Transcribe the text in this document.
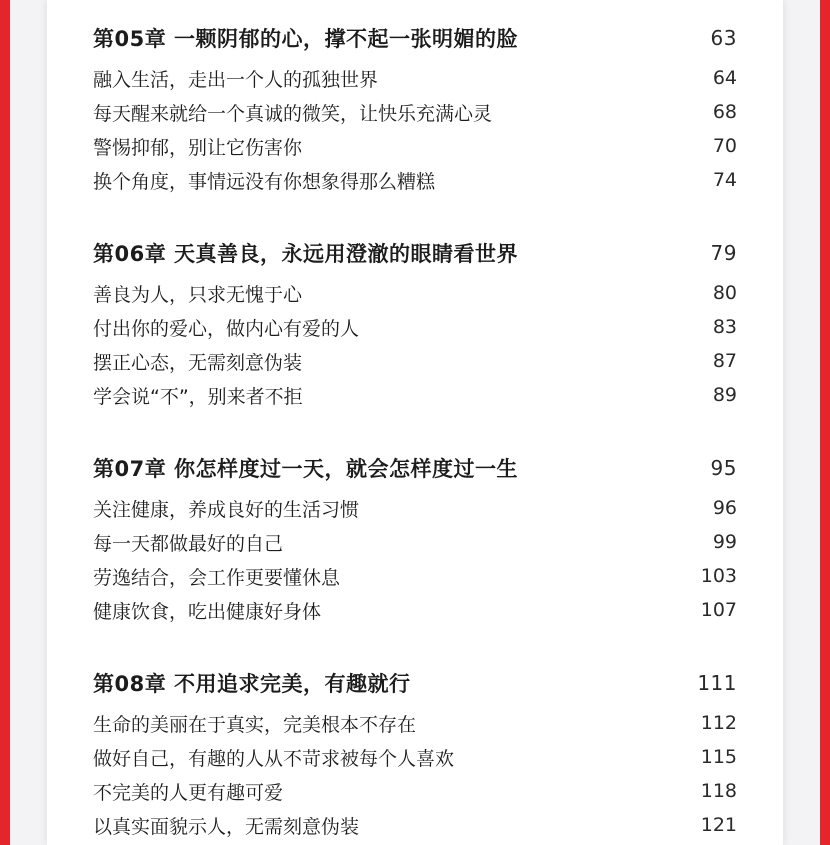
第05章 一颗阴郁的心，撑不起一张明媚的脸	63
融入生活，走出一个人的孤独世界	64
每天醒来就给一个真诚的微笑，让快乐充满心灵	68
警惕抑郁，别让它伤害你	70
换个角度，事情远没有你想象得那么糟糕	74
第06章 天真善良，永远用澄澈的眼睛看世界	79
善良为人，只求无愧于心	80
付出你的爱心，做内心有爱的人	83
摆正心态，无需刻意伪装	87
学会说“不”，别来者不拒	89
第07章 你怎样度过一天，就会怎样度过一生	95
关注健康，养成良好的生活习惯	96
每一天都做最好的自己	99
劳逸结合，会工作更要懂休息	103
健康饮食，吃出健康好身体	107
第08章 不用追求完美，有趣就行	111
生命的美丽在于真实，完美根本不存在	112
做好自己，有趣的人从不苛求被每个人喜欢	115
不完美的人更有趣可爱	118
以真实面貌示人，无需刻意伪装	121
